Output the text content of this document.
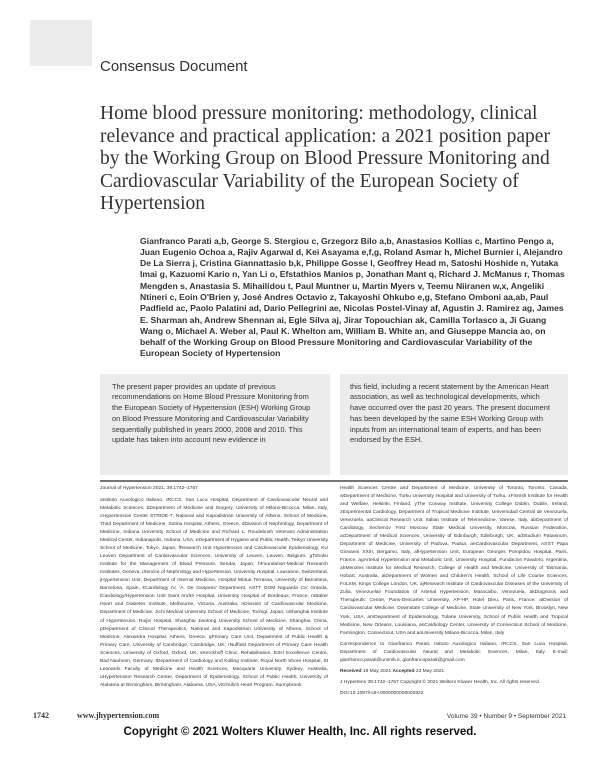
Consensus Document
Home blood pressure monitoring: methodology, clinical relevance and practical application: a 2021 position paper by the Working Group on Blood Pressure Monitoring and Cardiovascular Variability of the European Society of Hypertension
Gianfranco Parati a,b, George S. Stergiou c, Grzegorz Bilo a,b, Anastasios Kollias c, Martino Pengo a, Juan Eugenio Ochoa a, Rajiv Agarwal d, Kei Asayama e,f,g, Roland Asmar h, Michel Burnier i, Alejandro De La Sierra j, Cristina Giannattasio b,k, Philippe Gosse l, Geoffrey Head m, Satoshi Hoshide n, Yutaka Imai g, Kazuomi Kario n, Yan Li o, Efstathios Manios p, Jonathan Mant q, Richard J. McManus r, Thomas Mengden s, Anastasia S. Mihailidou t, Paul Muntner u, Martin Myers v, Teemu Niiranen w,x, Angeliki Ntineri c, Eoin O'Brien y, José Andres Octavio z, Takayoshi Ohkubo e,g, Stefano Omboni aa,ab, Paul Padfield ac, Paolo Palatini ad, Dario Pellegrini ae, Nicolas Postel-Vinay af, Agustin J. Ramirez ag, James E. Sharman ah, Andrew Shennan ai, Egle Silva aj, Jirar Topouchian ak, Camilla Torlasco a, Ji Guang Wang o, Michael A. Weber al, Paul K. Whelton am, William B. White an, and Giuseppe Mancia ao, on behalf of the Working Group on Blood Pressure Monitoring and Cardiovascular Variability of the European Society of Hypertension
The present paper provides an update of previous recommendations on Home Blood Pressure Monitoring from the European Society of Hypertension (ESH) Working Group on Blood Pressure Monitoring and Cardiovascular Variability sequentially published in years 2000, 2008 and 2010. This update has taken into account new evidence in
this field, including a recent statement by the American Heart association, as well as technological developments, which have occurred over the past 20 years. The present document has been developed by the same ESH Working Group with inputs from an international team of experts, and has been endorsed by the ESH.

Journal of Hypertension 2021, 39:1742–1767

aIstituto Auxologico Italiano, IRCCS, San Luca Hospital, Department of Cardiovascular Neural and Metabolic Sciences, bDepartment of Medicine and Surgery, University of Milano-Bicocca, Milan, Italy, cHypertension Center STRIDE-7, National and Kapodistrian University of Athens, School of Medicine, Third Department of Medicine, Sotiria Hospital, Athens, Greece, dDivision of Nephrology, Department of Medicine, Indiana University School of Medicine and Richard L. Roudebush Veterans Administration Medical Center, Indianapolis, Indiana, USA, eDepartment of Hygiene and Public Health, Teikyo University School of Medicine, Tokyo, Japan, fResearch Unit Hypertension and Cardiovascular Epidemiology, KU Leuven Department of Cardiovascular Sciences, University of Leuven, Leuven, Belgium, gTohoku Institute for the Management of Blood Pressure, Sendai, Japan, hFoundation-Medical Research Institutes, Geneva, iService of Nephrology and Hypertension, University Hospital, Lausanne, Switzerland, jHypertension Unit, Department of Internal Medicine, Hospital Mútua Terrassa, University of Barcelona, Barcelona, Spain, kCardiology IV, 'A. De Gasperis' Department, ASTT GOM Niguarda Ca' Granda, lCardiology/Hypertension Unit Saint André Hospital, University Hospital of Bordeaux, France, mBaker Heart and Diabetes Institute, Melbourne, Victoria, Australia, nDivision of Cardiovascular Medicine, Department of Medicine, Jichi Medical University School of Medicine, Tochigi, Japan, oShanghai Institute of Hypertension, Ruijin Hospital, Shanghai Jiaotong University School of Medicine, Shanghai, China, pDepartment of Clinical Therapeutics, National and Kapodistrian University of Athens, School of Medicine, Alexandra Hospital, Athens, Greece, qPrimary Care Unit, Department of Public Health & Primary Care, University of Cambridge, Cambridge, UK, rNuffield Department of Primary Care Health Sciences, University of Oxford, Oxford, UK, sKerckhoff Clinic, Rehabilitation, ESH Excellence Centre, Bad Nauheim, Germany, tDepartment of Cardiology and Kolling Institute, Royal North Shore Hospital, St Leonards Faculty of Medicine and Health Sciences, Macquarie University, Sydney, Australia, uHypertension Research Center, Department of Epidemiology, School of Public Health, University of Alabama at Birmingham, Birmingham, Alabama, USA, vSchulich Heart Program, Sunnybrook

Health Sciences Centre and Department of Medicine, University of Toronto, Toronto, Canada, wDepartment of Medicine, Turku University Hospital and University of Turku, xFinnish Institute for Health and Welfare, Helsinki, Finland, yThe Conway Institute, University College Dublin, Dublin, Ireland, zExperimental Cardiology, Department of Tropical Medicine Institute, Universidad Central de Venezuela, Venezuela, aaClinical Research Unit, Italian Institute of Telemedicine, Varese, Italy, abDepartment of Cardiology, Sechenov First Moscow State Medical University, Moscow, Russian Federation, acDepartment of Medical Sciences, University of Edinburgh, Edinburgh, UK, adStudium Patavinum, Department of Medicine, University of Padova, Padua, aeCardiovascular Department, ASST Papa Giovanni XXIII, Bergamo, Italy, afHypertension Unit, European Georges Pompidou Hospital, Paris, France, agArterial Hypertension and Metabolic Unit, University Hospital, Fundacion Favaloro, Argentina, ahMenzies Institute for Medical Research, College of Health and Medicine, University of Tasmania, Hobart, Australia, aiDepartment of Women and Children's Health, School of Life Course Sciences, FoLSM, Kings College London, UK, ajResearch Institute of Cardiovascular Diseases of the University of Zulia, Venezuelan Foundation of Arterial Hypertension, Maracaibo, Venezuela, akDiagnosis and Therapeutic Center, Paris-Descartes University, AP-HP, Hotel Dieu, Paris, France, alDivision of Cardiovascular Medicine, Downstate College of Medicine, State University of New York, Brooklyn, New York, USA, amDepartment of Epidemiology, Tulane University, School of Public Health and Tropical Medicine, New Orleans, Louisiana, anCardiology Center, University of Connecticut School of Medicine, Farmington, Connecticut, USA and aoUniversity Milano-Bicocca, Milan, Italy

Correspondence to Gianfranco Parati, Istituto Auxologico Italiano, IRCCS, San Luca Hospital, Department of Cardiovascular Neural and Metabolic Sciences, Milan, Italy. E-mail: gianfranco.parati@unimib.it, gianfrancoparati@gmail.com

Received 18 May 2021 Accepted 23 May 2021

J Hypertens 39:1742–1767 Copyright © 2021 Wolters Kluwer Health, Inc. All rights reserved.

DOI:10.1097/HJH.0000000000002922

1742	www.jhypertension.com	Volume 39 • Number 9 • September 2021
Copyright © 2021 Wolters Kluwer Health, Inc. All rights reserved.
